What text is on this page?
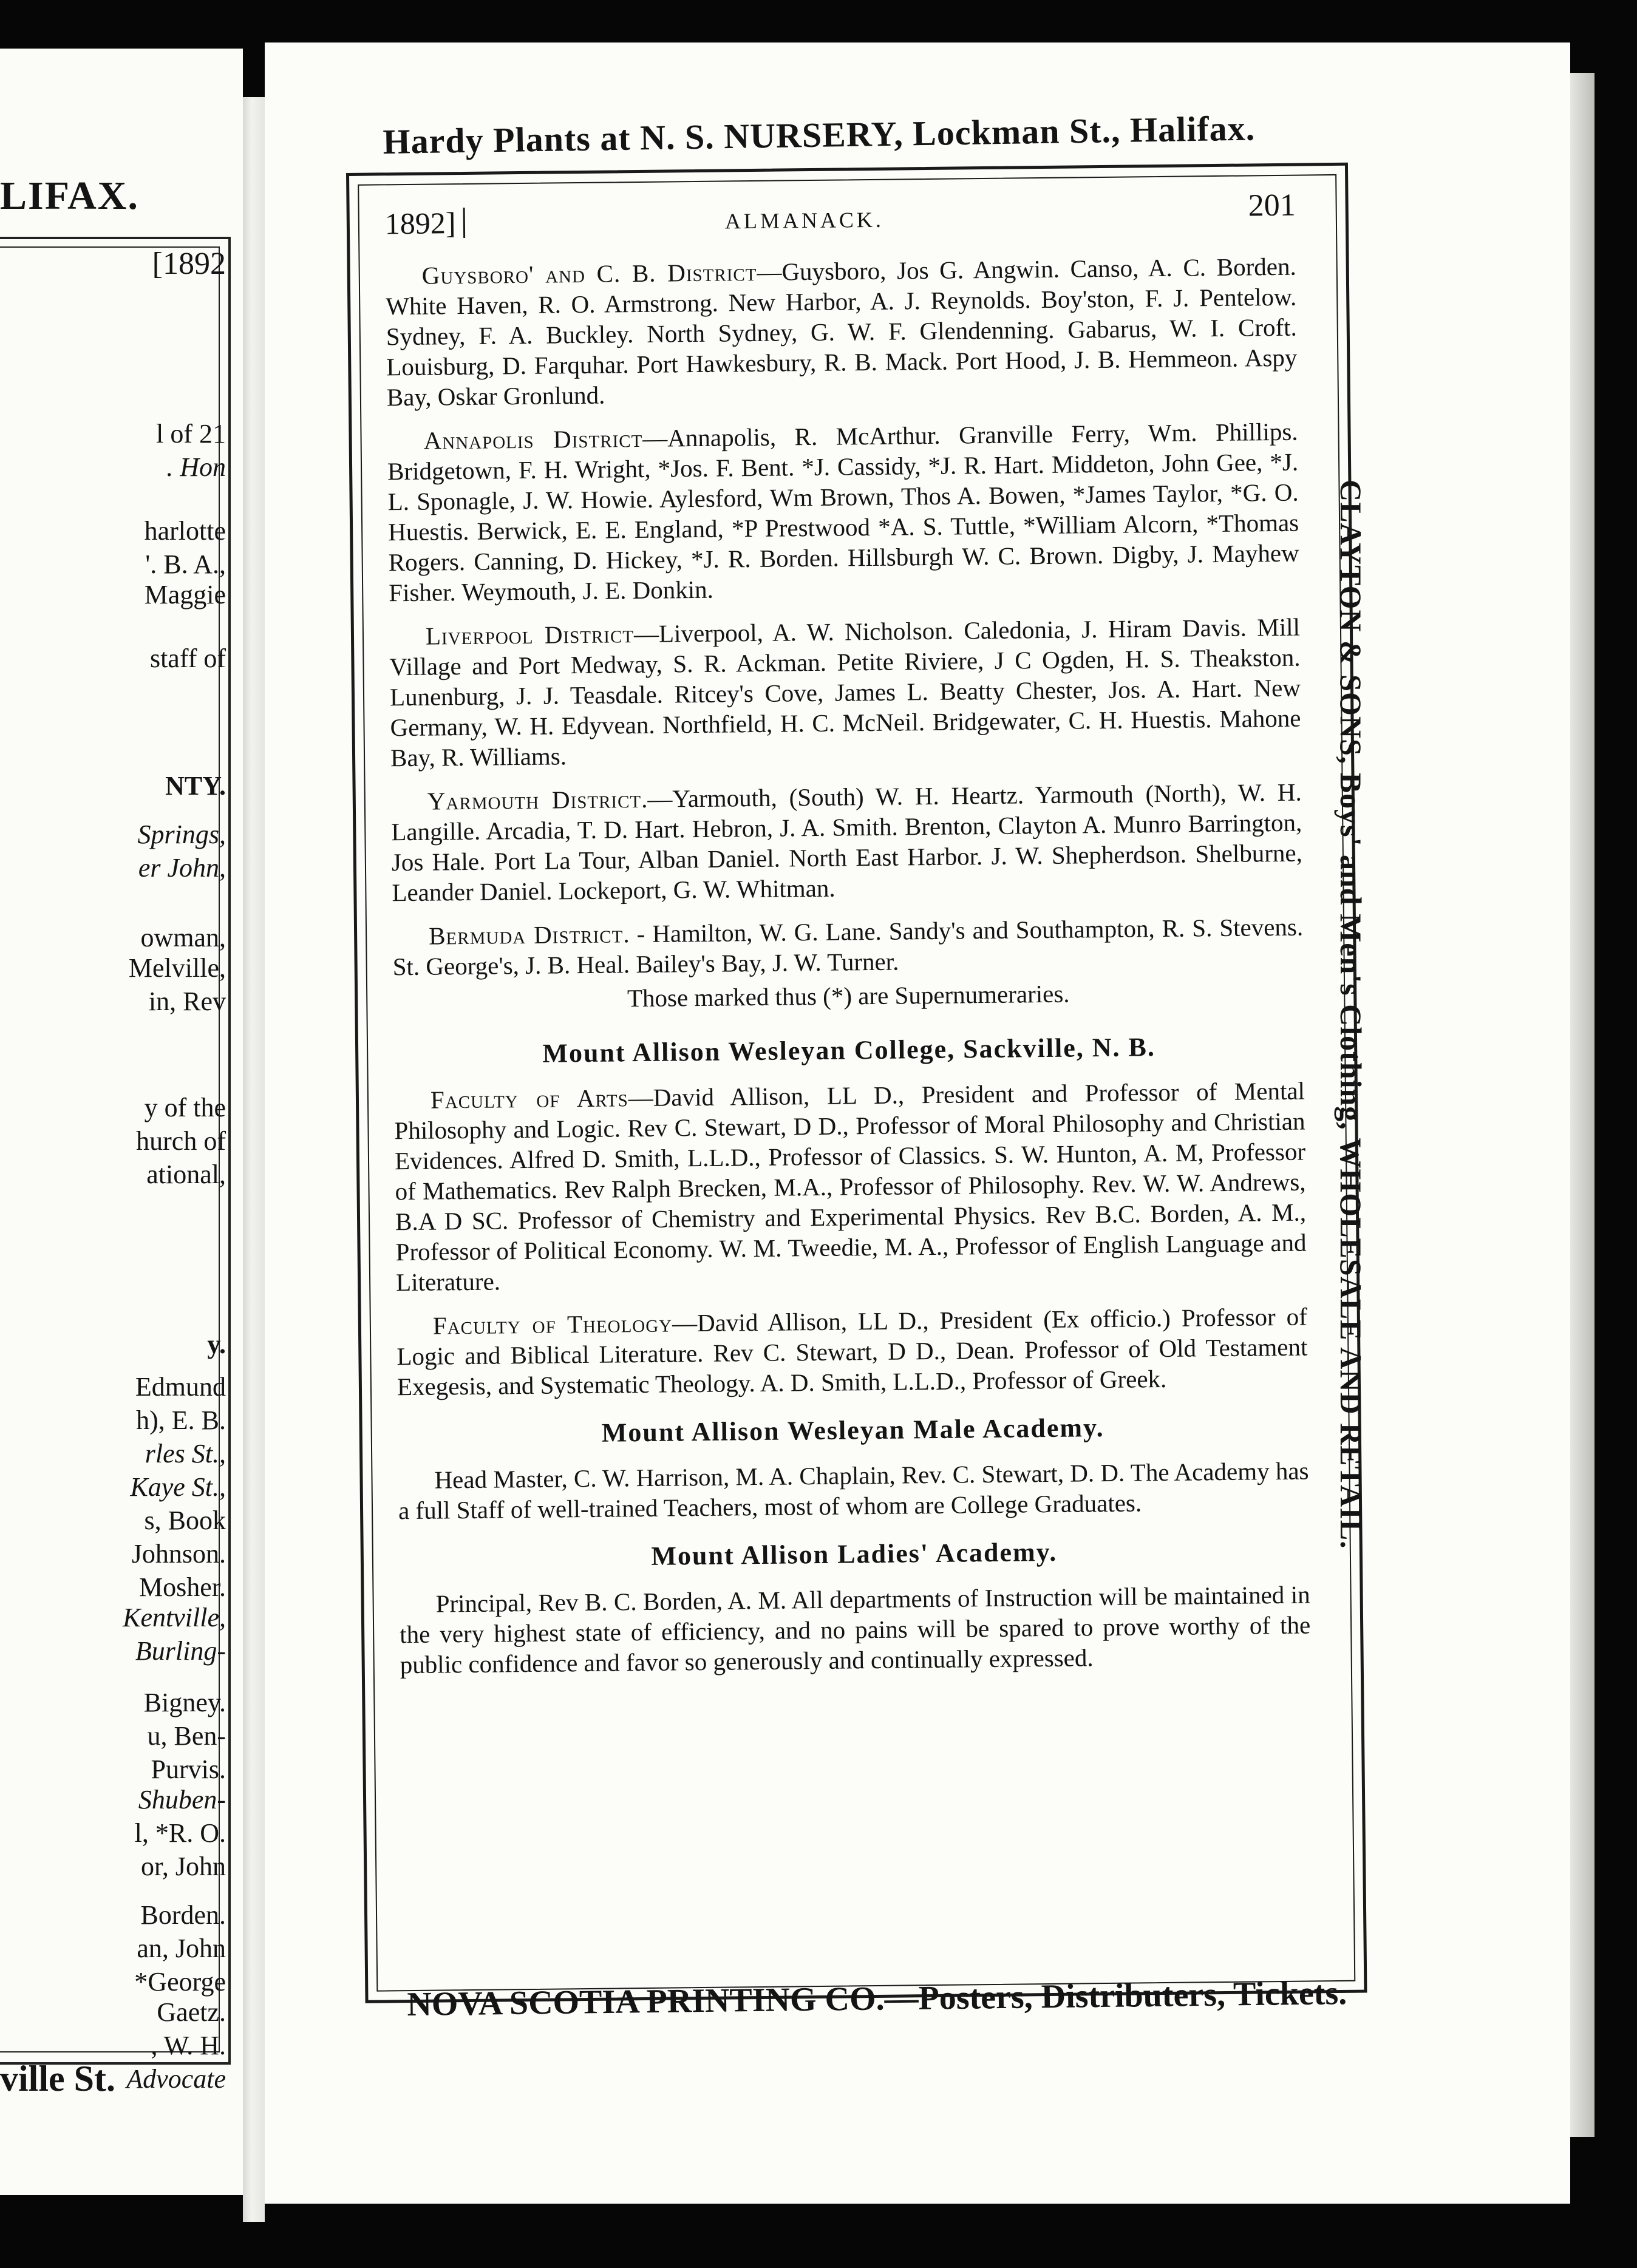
LIFAX.
[1892
l of 21
. Hon
harlotte
'. B. A.,
Maggie
staff of
NTY.
Springs,
er John,
owman,
Melville,
in, Rev
y of the
hurch of
ational,
y.
Edmund
h), E. B.
rles St.,
Kaye St.,
s, Book
Johnson.
Mosher.
Kentville,
Burling-
Bigney.
u, Ben-
Purvis.
Shuben-
l, *R. O.
or, John
Borden.
an, John
*George
Gaetz.
, W. H.
Advocate
ville St.
Hardy Plants at N. S. NURSERY, Lockman St., Halifax.
1892]	ALMANACK.	201

Guysboro' and C. B. District—Guysboro, Jos G. Angwin. Canso, A. C. Borden. White Haven, R. O. Armstrong. New Harbor, A. J. Reynolds. Boy'ston, F. J. Pentelow. Sydney, F. A. Buckley. North Sydney, G. W. F. Glendenning. Gabarus, W. I. Croft. Louisburg, D. Farquhar. Port Hawkesbury, R. B. Mack. Port Hood, J. B. Hemmeon. Aspy Bay, Oskar Gronlund.

Annapolis District—Annapolis, R. McArthur. Granville Ferry, Wm. Phillips. Bridgetown, F. H. Wright, *Jos. F. Bent. *J. Cassidy, *J. R. Hart. Middeton, John Gee, *J. L. Sponagle, J. W. Howie. Aylesford, Wm Brown, Thos A. Bowen, *James Taylor, *G. O. Huestis. Berwick, E. E. England, *P Prestwood *A. S. Tuttle, *William Alcorn, *Thomas Rogers. Canning, D. Hickey, *J. R. Borden. Hillsburgh W. C. Brown. Digby, J. Mayhew Fisher. Weymouth, J. E. Donkin.

Liverpool District—Liverpool, A. W. Nicholson. Caledonia, J. Hiram Davis. Mill Village and Port Medway, S. R. Ackman. Petite Riviere, J C Ogden, H. S. Theakston. Lunenburg, J. J. Teasdale. Ritcey's Cove, James L. Beatty Chester, Jos. A. Hart. New Germany, W. H. Edyvean. Northfield, H. C. McNeil. Bridgewater, C. H. Huestis. Mahone Bay, R. Williams.

Yarmouth District.—Yarmouth, (South) W. H. Heartz. Yarmouth (North), W. H. Langille. Arcadia, T. D. Hart. Hebron, J. A. Smith. Brenton, Clayton A. Munro Barrington, Jos Hale. Port La Tour, Alban Daniel. North East Harbor. J. W. Shepherdson. Shelburne, Leander Daniel. Lockeport, G. W. Whitman.

Bermuda District. - Hamilton, W. G. Lane. Sandy's and Southampton, R. S. Stevens. St. George's, J. B. Heal. Bailey's Bay, J. W. Turner.

Those marked thus (*) are Supernumeraries.

Mount Allison Wesleyan College, Sackville, N. B.

Faculty of Arts—David Allison, LL D., President and Professor of Mental Philosophy and Logic. Rev C. Stewart, D D., Professor of Moral Philosophy and Christian Evidences. Alfred D. Smith, L.L.D., Professor of Classics. S. W. Hunton, A. M, Professor of Mathematics. Rev Ralph Brecken, M.A., Professor of Philosophy. Rev. W. W. Andrews, B.A D SC. Professor of Chemistry and Experimental Physics. Rev B.C. Borden, A. M., Professor of Political Economy. W. M. Tweedie, M. A., Professor of English Language and Literature.

Faculty of Theology—David Allison, LL D., President (Ex officio.) Professor of Logic and Biblical Literature. Rev C. Stewart, D D., Dean. Professor of Old Testament Exegesis, and Systematic Theology. A. D. Smith, L.L.D., Professor of Greek.

Mount Allison Wesleyan Male Academy.

Head Master, C. W. Harrison, M. A. Chaplain, Rev. C. Stewart, D. D. The Academy has a full Staff of well-trained Teachers, most of whom are College Graduates.

Mount Allison Ladies' Academy.

Principal, Rev B. C. Borden, A. M. All departments of Instruction will be maintained in the very highest state of efficiency, and no pains will be spared to prove worthy of the public confidence and favor so generously and continually expressed.

CLAYTON & SONS, Boys' and Men's Clothing, WHOLESALE AND RETAIL.
NOVA SCOTIA PRINTING CO.—Posters, Distributers, Tickets.
